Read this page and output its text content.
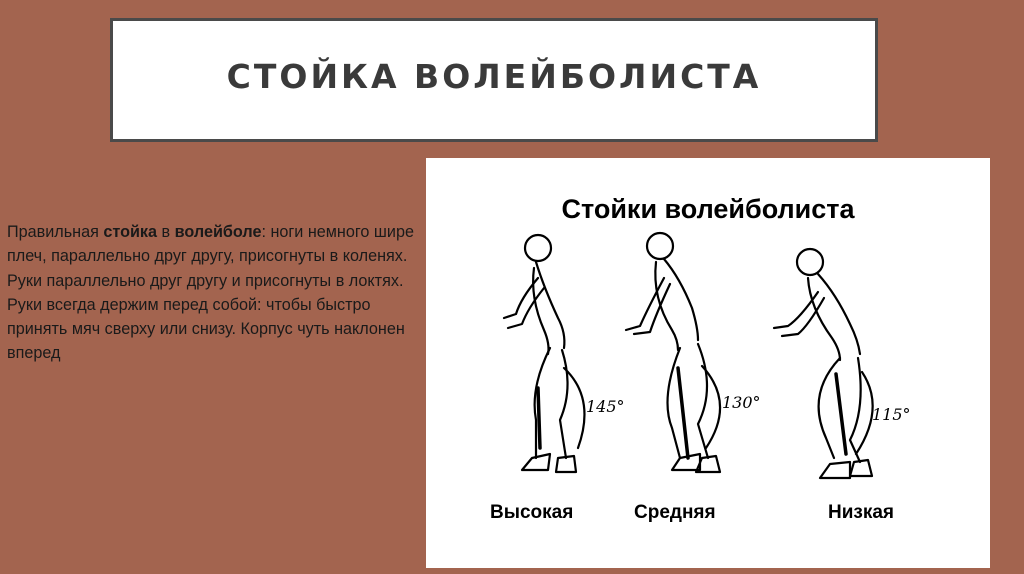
СТОЙКА ВОЛЕЙБОЛИСТА
Правильная стойка в волейболе: ноги немного шире плеч, параллельно друг другу, присогнуты в коленях. Руки параллельно друг другу и присогнуты в локтях. Руки всегда держим перед собой: чтобы быстро принять мяч сверху или снизу. Корпус чуть наклонен вперед
Стойки волейболиста
145°	130°
115°
Высокая	Средняя	Низкая
